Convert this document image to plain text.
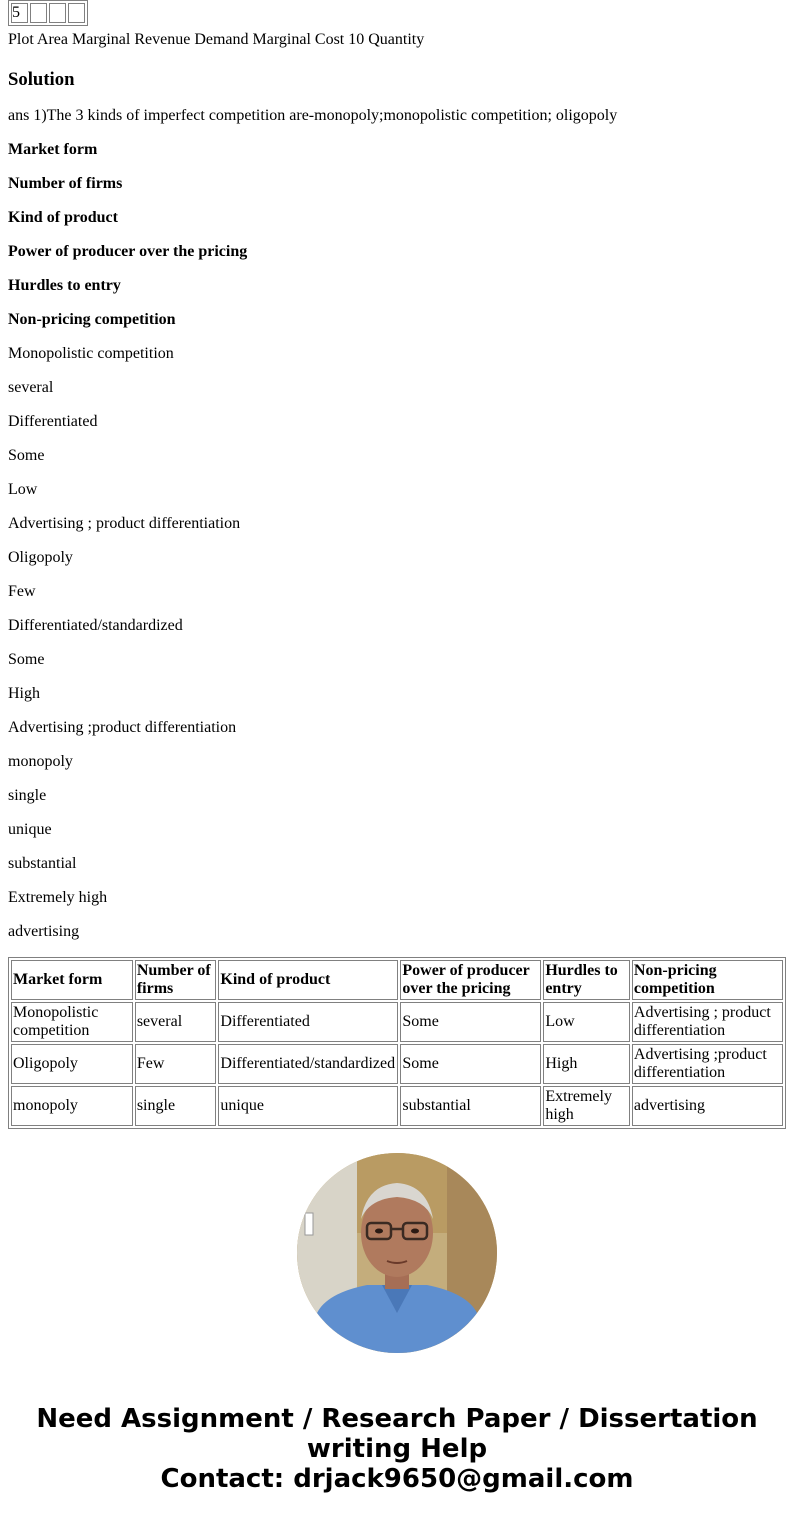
5			
Plot Area Marginal Revenue Demand Marginal Cost 10 Quantity
Solution

ans 1)The 3 kinds of imperfect competition are-monopoly;monopolistic competition; oligopoly

Market form

Number of firms

Kind of product

Power of producer over the pricing

Hurdles to entry

Non-pricing competition

Monopolistic competition

several

Differentiated

Some

Low

Advertising ; product differentiation

Oligopoly

Few

Differentiated/standardized

Some

High

Advertising ;product differentiation

monopoly

single

unique

substantial

Extremely high

advertising

Market form	Number of firms	Kind of product	Power of producer over the pricing	Hurdles to entry	Non-pricing competition
Monopolistic competition	several	Differentiated	Some	Low	Advertising ; product differentiation
Oligopoly	Few	Differentiated/standardized	Some	High	Advertising ;product differentiation
monopoly	single	unique	substantial	Extremely high	advertising
Need Assignment / Research Paper / Dissertation
writing Help
Contact: drjack9650@gmail.com
